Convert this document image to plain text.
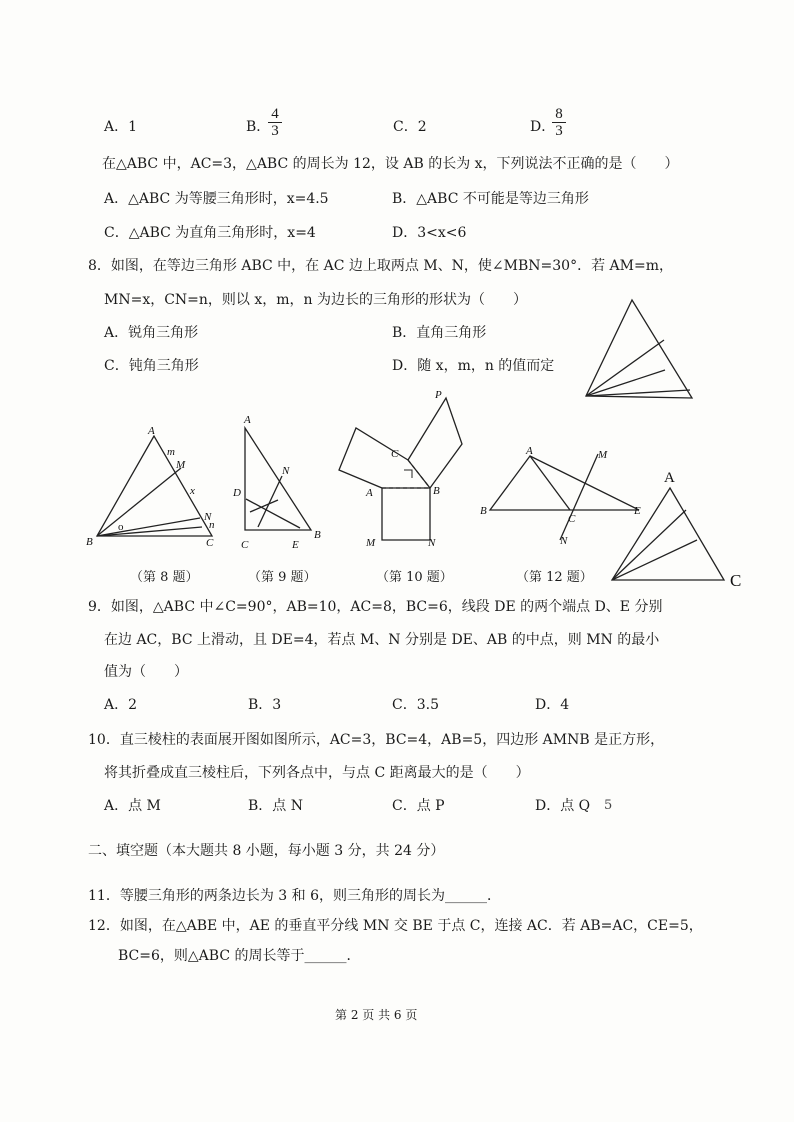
A．1	B．
$\frac{4}{3}$	C．2	D．
$\frac{8}{3}$
在△ABC 中，AC=3，△ABC 的周长为 12，设 AB 的长为 x，下列说法不正确的是（　　）
A．△ABC 为等腰三角形时，x=4.5	B．△ABC 不可能是等边三角形
C．△ABC 为直角三角形时，x=4	D．3<x<6
8．如图，在等边三角形 ABC 中，在 AC 边上取两点 M、N，使∠MBN=30°．若 AM=m，
MN=x，CN=n，则以 x，m，n 为边长的三角形的形状为（　　）
A．锐角三角形	B．直角三角形
C．钝角三角形	D．随 x，m，n 的值而定
A
m
M
x
B
o
N
n
C
A
N
D
C	E
B
P
C
A	B
M	N
A	M
B
C
E
N
A
C
（第 8 题）	（第 9 题）	（第 10 题）	（第 12 题）
9．如图，△ABC 中∠C=90°，AB=10，AC=8，BC=6，线段 DE 的两个端点 D、E 分别
在边 AC，BC 上滑动，且 DE=4，若点 M、N 分别是 DE、AB 的中点，则 MN 的最小
值为（　　）
A．2	B．3	C．3.5	D．4
10．直三棱柱的表面展开图如图所示，AC=3，BC=4，AB=5，四边形 AMNB 是正方形，
将其折叠成直三棱柱后，下列各点中，与点 C 距离最大的是（　　）
A．点 M	B．点 N	C．点 P	D．点 Q 5
二、填空题（本大题共 8 小题，每小题 3 分，共 24 分）
11．等腰三角形的两条边长为 3 和 6，则三角形的周长为______．
12．如图，在△ABE 中，AE 的垂直平分线 MN 交 BE 于点 C，连接 AC．若 AB=AC，CE=5，
BC=6，则△ABC 的周长等于______．
第 2 页 共 6 页
